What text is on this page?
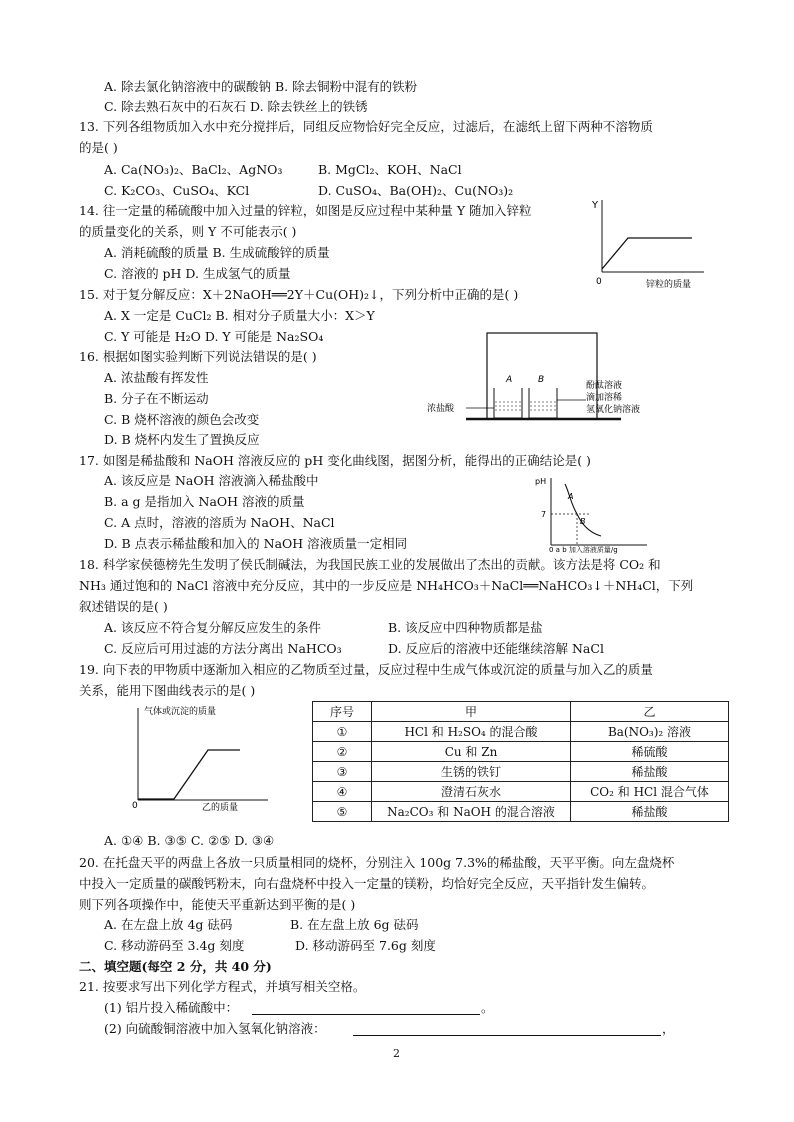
A. 除去氯化钠溶液中的碳酸钠 B. 除去铜粉中混有的铁粉
C. 除去熟石灰中的石灰石 D. 除去铁丝上的铁锈
13. 下列各组物质加入水中充分搅拌后，同组反应物恰好完全反应，过滤后，在滤纸上留下两种不溶物质
的是( )
A. Ca(NO₃)₂、BaCl₂、AgNO₃	B. MgCl₂、KOH、NaCl
C. K₂CO₃、CuSO₄、KCl	D. CuSO₄、Ba(OH)₂、Cu(NO₃)₂
14. 往一定量的稀硫酸中加入过量的锌粒，如图是反应过程中某种量 Y 随加入锌粒
的质量变化的关系，则 Y 不可能表示( )
A. 消耗硫酸的质量 B. 生成硫酸锌的质量
C. 溶液的 pH D. 生成氢气的质量
15. 对于复分解反应：X＋2NaOH══2Y＋Cu(OH)₂↓，下列分析中正确的是( )
A. X 一定是 CuCl₂ B. 相对分子质量大小：X＞Y
C. Y 可能是 H₂O D. Y 可能是 Na₂SO₄
16. 根据如图实验判断下列说法错误的是( )
A. 浓盐酸有挥发性
B. 分子在不断运动
C. B 烧杯溶液的颜色会改变
D. B 烧杯内发生了置换反应
17. 如图是稀盐酸和 NaOH 溶液反应的 pH 变化曲线图，据图分析，能得出的正确结论是( )
A. 该反应是 NaOH 溶液滴入稀盐酸中
B. a g 是指加入 NaOH 溶液的质量
C. A 点时，溶液的溶质为 NaOH、NaCl
D. B 点表示稀盐酸和加入的 NaOH 溶液质量一定相同
18. 科学家侯德榜先生发明了侯氏制碱法，为我国民族工业的发展做出了杰出的贡献。该方法是将 CO₂ 和
NH₃ 通过饱和的 NaCl 溶液中充分反应，其中的一步反应是 NH₄HCO₃＋NaCl══NaHCO₃↓＋NH₄Cl，下列
叙述错误的是( )
A. 该反应不符合复分解反应发生的条件	B. 该反应中四种物质都是盐
C. 反应后可用过滤的方法分离出 NaHCO₃	D. 反应后的溶液中还能继续溶解 NaCl
19. 向下表的甲物质中逐渐加入相应的乙物质至过量，反应过程中生成气体或沉淀的质量与加入乙的质量
关系，能用下图曲线表示的是( )
A. ①④ B. ③⑤ C. ②⑤ D. ③④
20. 在托盘天平的两盘上各放一只质量相同的烧杯，分别注入 100g 7.3%的稀盐酸，天平平衡。向左盘烧杯
中投入一定质量的碳酸钙粉末，向右盘烧杯中投入一定量的镁粉，均恰好完全反应，天平指针发生偏转。
则下列各项操作中，能使天平重新达到平衡的是( )
A. 在左盘上放 4g 砝码	B. 在左盘上放 6g 砝码
C. 移动游码至 3.4g 刻度	D. 移动游码至 7.6g 刻度
二、填空题(每空 2 分，共 40 分)
21. 按要求写出下列化学方程式，并填写相关空格。
(1) 铝片投入稀硫酸中：	。
(2) 向硫酸铜溶液中加入氢氧化钠溶液：	，
2
Y
0	锌粒的质量
A	B
浓盐酸
酚酞溶液
滴加溶稀
氢氧化钠溶液
pH
7
A
B
0 a b 加入溶液质量/g
气体或沉淀的质量
0	乙的质量
序号	甲	乙
①	HCl 和 H₂SO₄ 的混合酸	Ba(NO₃)₂ 溶液
②	Cu 和 Zn	稀硫酸
③	生锈的铁钉	稀盐酸
④	澄清石灰水	CO₂ 和 HCl 混合气体
⑤	Na₂CO₃ 和 NaOH 的混合溶液	稀盐酸
